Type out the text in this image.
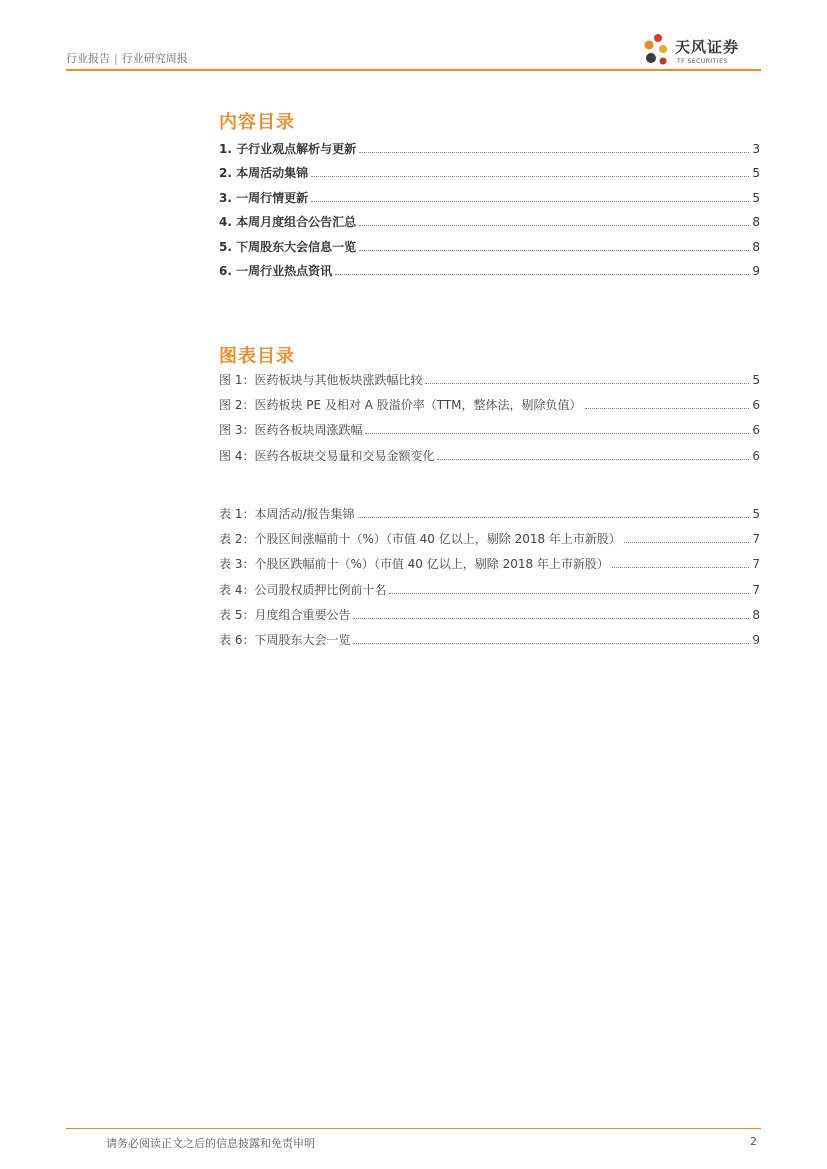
行业报告 | 行业研究周报
天风证券
TF SECURITIES
内容目录
1. 子行业观点解析与更新	3
2. 本周活动集锦	5
3. 一周行情更新	5
4. 本周月度组合公告汇总	8
5. 下周股东大会信息一览	8
6. 一周行业热点资讯	9
图表目录
图 1：医药板块与其他板块涨跌幅比较	5
图 2：医药板块 PE 及相对 A 股溢价率（TTM，整体法，剔除负值）	6
图 3：医药各板块周涨跌幅	6
图 4：医药各板块交易量和交易金额变化	6
表 1：本周活动/报告集锦	5
表 2：个股区间涨幅前十（%）（市值 40 亿以上，剔除 2018 年上市新股）	7
表 3：个股区跌幅前十（%）（市值 40 亿以上，剔除 2018 年上市新股）	7
表 4：公司股权质押比例前十名	7
表 5：月度组合重要公告	8
表 6：下周股东大会一览	9
请务必阅读正文之后的信息披露和免责申明	2
